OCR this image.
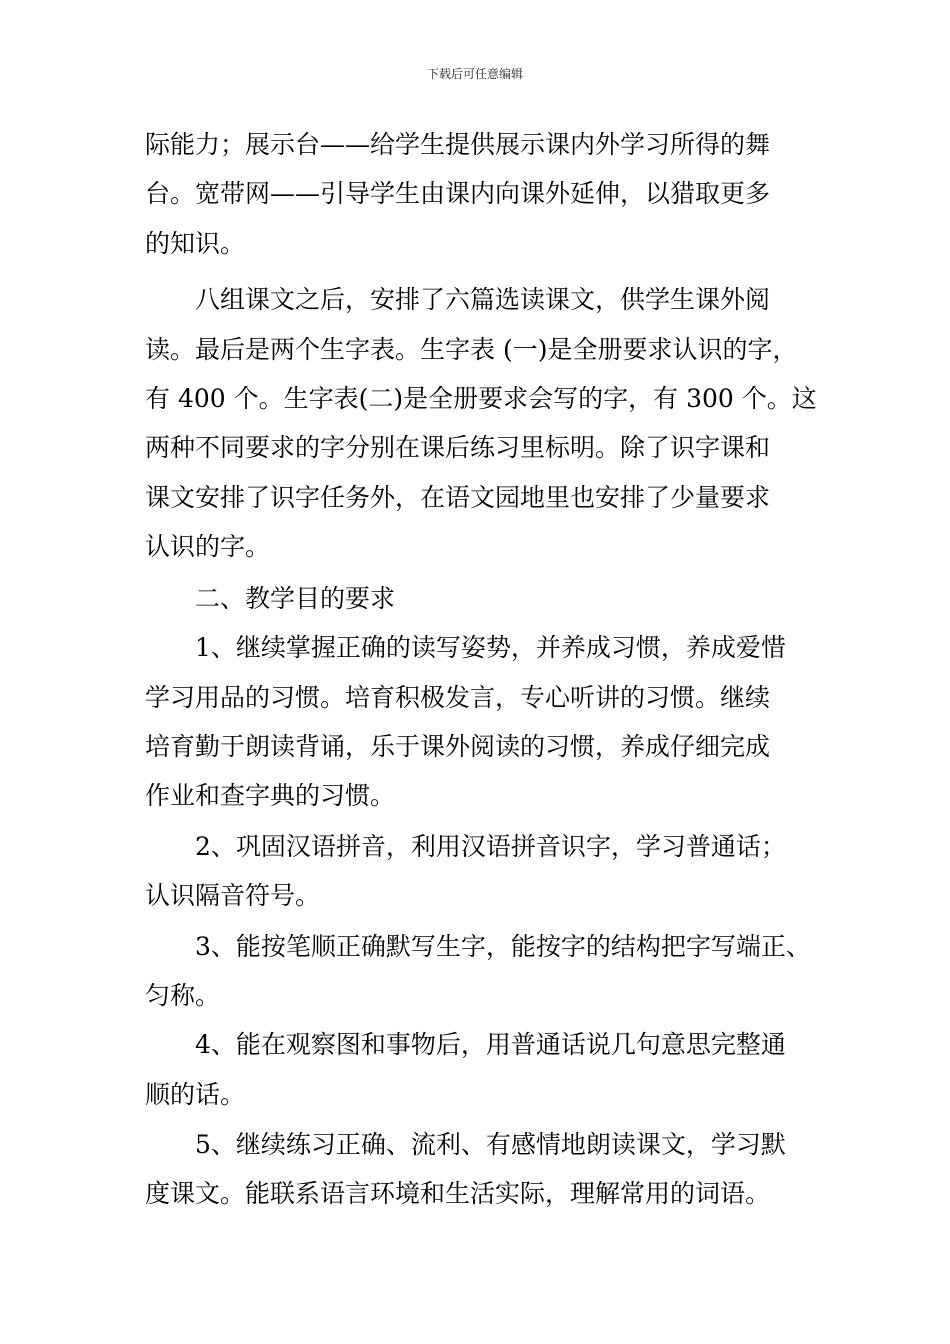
下载后可任意编辑
际能力；展示台——给学生提供展示课内外学习所得的舞
台。宽带网——引导学生由课内向课外延伸，以猎取更多
的知识。
八组课文之后，安排了六篇选读课文，供学生课外阅
读。最后是两个生字表。生字表 (一)是全册要求认识的字，
有 400 个。生字表(二)是全册要求会写的字，有 300 个。这
两种不同要求的字分别在课后练习里标明。除了识字课和
课文安排了识字任务外，在语文园地里也安排了少量要求
认识的字。
二、教学目的要求
1、继续掌握正确的读写姿势，并养成习惯，养成爱惜
学习用品的习惯。培育积极发言，专心听讲的习惯。继续
培育勤于朗读背诵，乐于课外阅读的习惯，养成仔细完成
作业和查字典的习惯。
2、巩固汉语拼音，利用汉语拼音识字，学习普通话；
认识隔音符号。
3、能按笔顺正确默写生字，能按字的结构把字写端正、
匀称。
4、能在观察图和事物后，用普通话说几句意思完整通
顺的话。
5、继续练习正确、流利、有感情地朗读课文，学习默
度课文。能联系语言环境和生活实际，理解常用的词语。
